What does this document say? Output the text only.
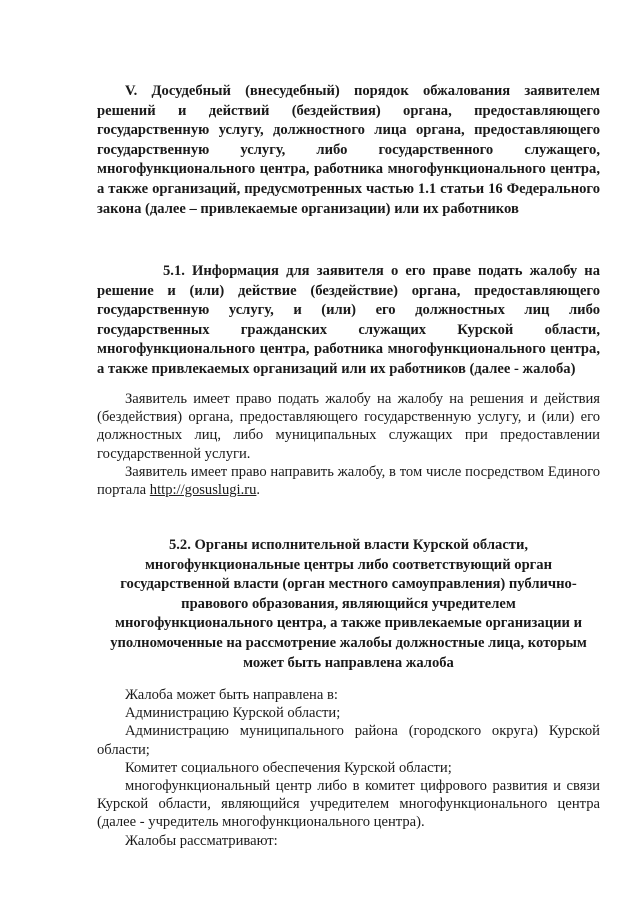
V. Досудебный (внесудебный) порядок обжалования заявителем решений и действий (бездействия) органа, предоставляющего государственную услугу, должностного лица органа, предоставляющего государственную услугу, либо государственного служащего, многофункционального центра, работника многофункционального центра, а также организаций, предусмотренных частью 1.1 статьи 16 Федерального закона (далее – привлекаемые организации) или их работников

5.1. Информация для заявителя о его праве подать жалобу на решение и (или) действие (бездействие) органа, предоставляющего государственную услугу, и (или) его должностных лиц либо государственных гражданских служащих Курской области, многофункционального центра, работника многофункционального центра, а также привлекаемых организаций или их работников (далее - жалоба)

Заявитель имеет право подать жалобу на жалобу на решения и действия (бездействия) органа, предоставляющего государственную услугу, и (или) его должностных лиц, либо муниципальных служащих при предоставлении государственной услуги.

Заявитель имеет право направить жалобу, в том числе посредством Единого портала http://gosuslugi.ru.

5.2. Органы исполнительной власти Курской области,

многофункциональные центры либо соответствующий орган

государственной власти (орган местного самоуправления) публично-

правового образования, являющийся учредителем

многофункционального центра, а также привлекаемые организации и

уполномоченные на рассмотрение жалобы должностные лица, которым

может быть направлена жалоба

Жалоба может быть направлена в:

Администрацию Курской области;

Администрацию муниципального района (городского округа) Курской области;

Комитет социального обеспечения Курской области;

многофункциональный центр либо в комитет цифрового развития и связи Курской области, являющийся учредителем многофункционального центра (далее - учредитель многофункционального центра).

Жалобы рассматривают:
